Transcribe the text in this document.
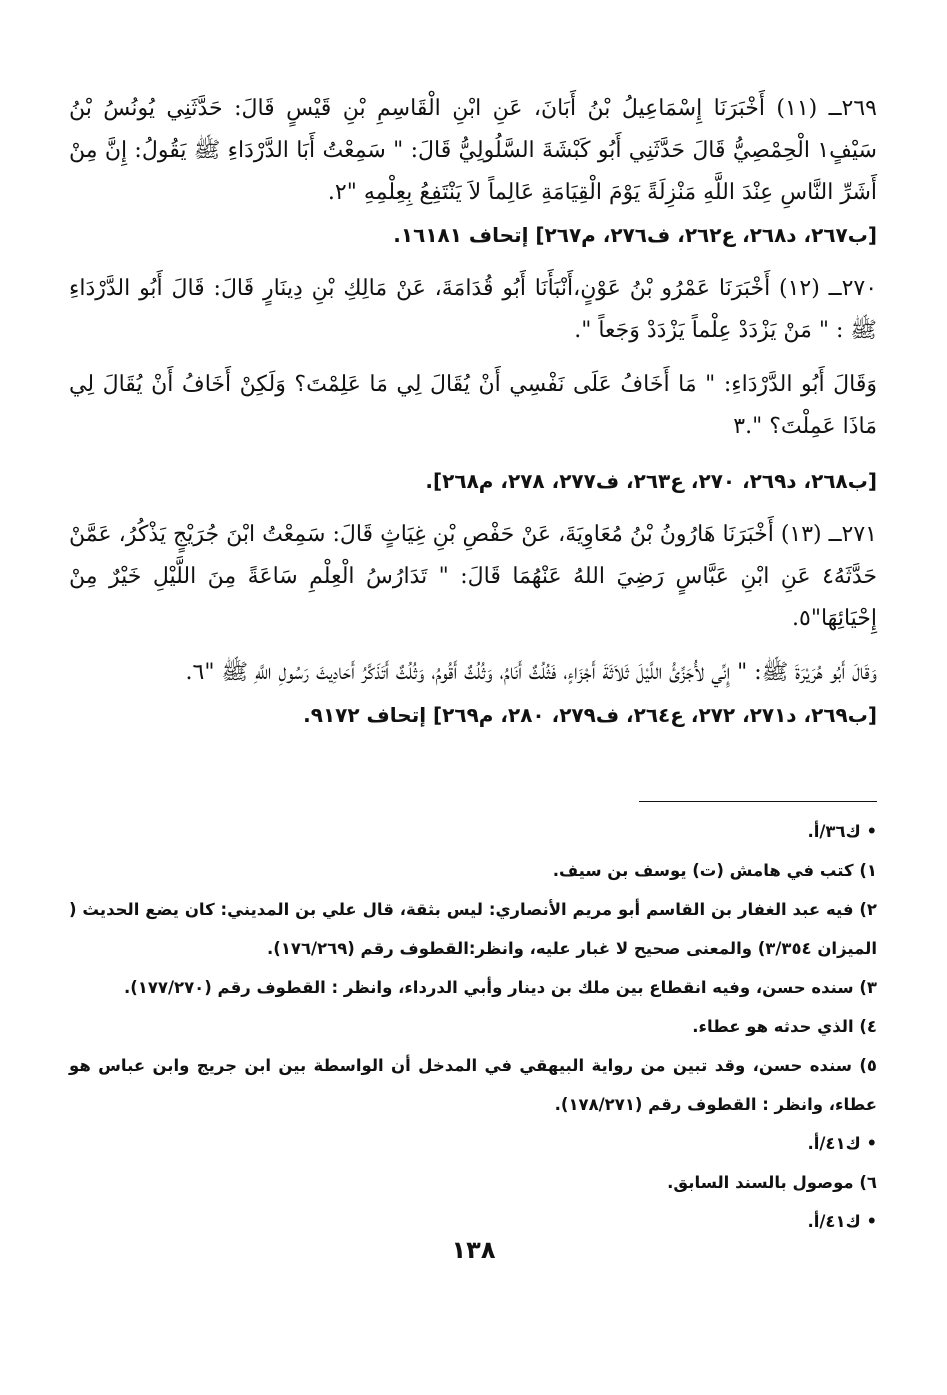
٢٦٩ــ (١١) أَخْبَرَنَا إِسْمَاعِيلُ بْنُ أَبَانَ، عَنِ ابْنِ الْقَاسِمِ بْنِ قَيْسٍ قَالَ: حَدَّثَنِي يُونُسُ بْنُ سَيْفٍ١ الْحِمْصِيُّ قَالَ حَدَّثَنِي أَبُو كَبْشَةَ السَّلُولِيُّ قَالَ: " سَمِعْتُ أَبَا الدَّرْدَاءِ ﷺ يَقُولُ: إِنَّ مِنْ أَشَرِّ النَّاسِ عِنْدَ اللَّهِ مَنْزِلَةً يَوْمَ الْقِيَامَةِ عَالِماً لاَ يَنْتَفِعُ بِعِلْمِهِ "٢.

[ب٢٦٧، د٢٦٨، ع٢٦٢، ف٢٧٦، م٢٦٧] إتحاف ١٦١٨١.

٢٧٠ــ (١٢) أَخْبَرَنَا عَمْرُو بْنُ عَوْنٍ،أَنْبَأَنَا أَبُو قُدَامَةَ، عَنْ مَالِكِ بْنِ دِينَارٍ قَالَ: قَالَ أَبُو الدَّرْدَاءِ ﷺ : " مَنْ يَزْدَدْ عِلْماً يَزْدَدْ وَجَعاً ".

وَقَالَ أَبُو الدَّرْدَاءِ: " مَا أَخَافُ عَلَى نَفْسِي أَنْ يُقَالَ لِي مَا عَلِمْتَ؟ وَلَكِنْ أَخَافُ أَنْ يُقَالَ لِي مَاذَا عَمِلْتَ؟ ".٣

[ب٢٦٨، د٢٦٩، ٢٧٠، ع٢٦٣، ف٢٧٧، ٢٧٨، م٢٦٨].

٢٧١ــ (١٣) أَخْبَرَنَا هَارُونُ بْنُ مُعَاوِيَةَ، عَنْ حَفْصِ بْنِ غِيَاثٍ قَالَ: سَمِعْتُ ابْنَ جُرَيْجٍ يَذْكُرُ، عَمَّنْ حَدَّثَهُ٤ عَنِ ابْنِ عَبَّاسٍ رَضِيَ اللهُ عَنْهُمَا قَالَ: " تَدَارُسُ الْعِلْمِ سَاعَةً مِنَ اللَّيْلِ خَيْرٌ مِنْ إِحْيَائِهَا"٥.

وَقَالَ أَبُو هُرَيْرَةَ ﷺ: " إِنِّي لأُجَزِّئُ اللَّيْلَ ثَلاَثَةَ أَجْزَاءٍ، فَثُلُثٌ أَنَامُ، وَثُلُثٌ أَقُومُ، وَثُلُثٌ أَتَذَكَّرُ أَحَادِيثَ رَسُولِ اللَّهِ ﷺ "٦.

[ب٢٦٩، د٢٧١، ٢٧٢، ع٢٦٤، ف٢٧٩، ٢٨٠، م٢٦٩] إتحاف ٩١٧٢.

• ك٣٦/أ.

١) كتب في هامش (ت) يوسف بن سيف.

٢) فيه عبد الغفار بن القاسم أبو مريم الأنصاري: ليس بثقة، قال علي بن المديني: كان يضع الحديث ( الميزان ٣/٣٥٤) والمعنى صحيح لا غبار عليه، وانظر:القطوف رقم (١٧٦/٢٦٩).

٣) سنده حسن، وفيه انقطاع بين ملك بن دينار وأبي الدرداء، وانظر : القطوف رقم (١٧٧/٢٧٠).

٤) الذي حدثه هو عطاء.

٥) سنده حسن، وقد تبين من رواية البيهقي في المدخل أن الواسطة بين ابن جريج وابن عباس هو عطاء، وانظر : القطوف رقم (١٧٨/٢٧١).

• ك٤١/أ.

٦) موصول بالسند السابق.

• ك٤١/أ.

١٣٨
